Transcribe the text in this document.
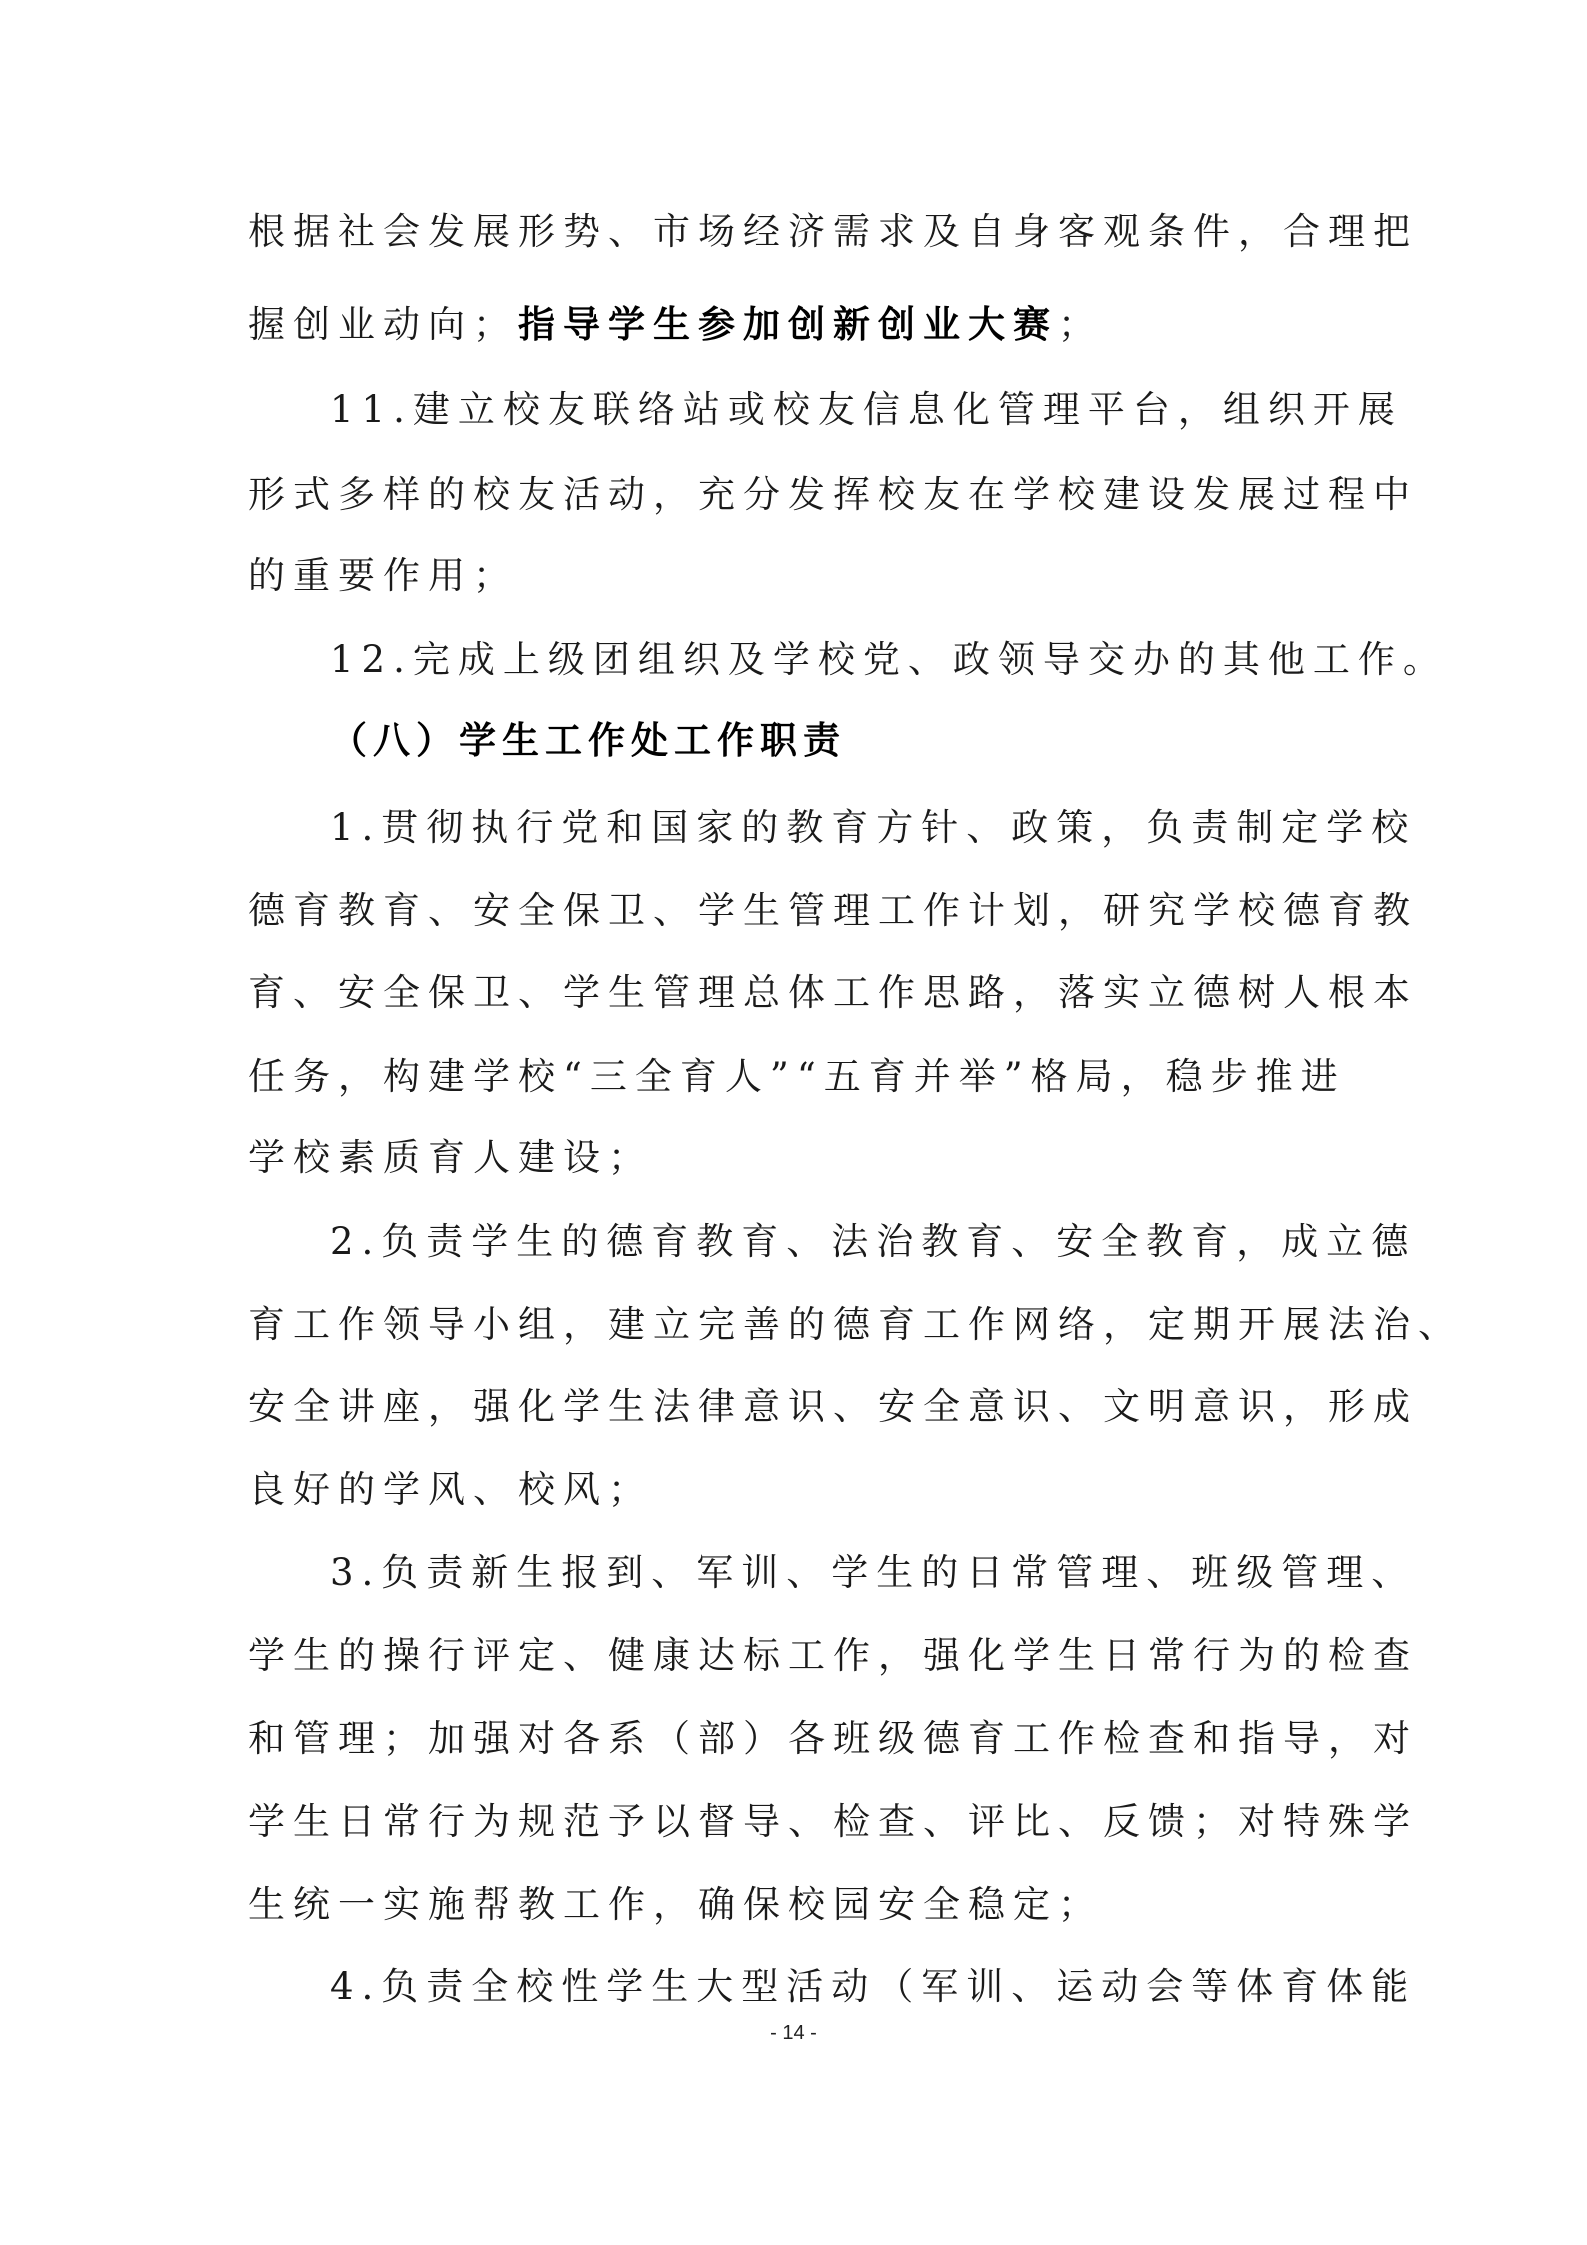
根据社会发展形势、市场经济需求及自身客观条件，合理把

握创业动向；指导学生参加创新创业大赛；

11.建立校友联络站或校友信息化管理平台，组织开展

形式多样的校友活动，充分发挥校友在学校建设发展过程中

的重要作用；

12.完成上级团组织及学校党、政领导交办的其他工作。

（八）学生工作处工作职责

1.贯彻执行党和国家的教育方针、政策，负责制定学校

德育教育、安全保卫、学生管理工作计划，研究学校德育教

育、安全保卫、学生管理总体工作思路，落实立德树人根本

任务，构建学校“三全育人”“五育并举”格局，稳步推进

学校素质育人建设；

2.负责学生的德育教育、法治教育、安全教育，成立德

育工作领导小组，建立完善的德育工作网络，定期开展法治、

安全讲座，强化学生法律意识、安全意识、文明意识，形成

良好的学风、校风；

3.负责新生报到、军训、学生的日常管理、班级管理、

学生的操行评定、健康达标工作，强化学生日常行为的检查

和管理；加强对各系（部）各班级德育工作检查和指导，对

学生日常行为规范予以督导、检查、评比、反馈；对特殊学

生统一实施帮教工作，确保校园安全稳定；

4.负责全校性学生大型活动（军训、运动会等体育体能

- 14 -
